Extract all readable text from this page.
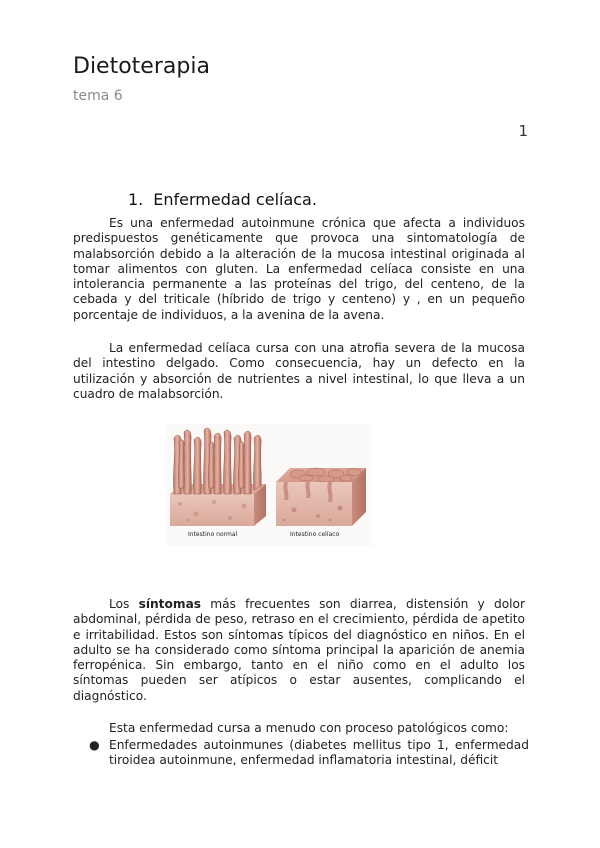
Dietoterapia
tema 6
1
1. Enfermedad celíaca.

Es una enfermedad autoinmune crónica que afecta a individuos predispuestos genéticamente que provoca una sintomatología de malabsorción debido a la alteración de la mucosa intestinal originada al tomar alimentos con gluten. La enfermedad celíaca consiste en una intolerancia permanente a las proteínas del trigo, del centeno, de la cebada y del triticale (híbrido de trigo y centeno) y , en un pequeño porcentaje de individuos, a la avenina de la avena.

La enfermedad celíaca cursa con una atrofia severa de la mucosa del intestino delgado. Como consecuencia, hay un defecto en la utilización y absorción de nutrientes a nivel intestinal, lo que lleva a un cuadro de malabsorción.

Intestino normal	Intestino celíaco

Los síntomas más frecuentes son diarrea, distensión y dolor abdominal, pérdida de peso, retraso en el crecimiento, pérdida de apetito e irritabilidad. Estos son síntomas típicos del diagnóstico en niños. En el adulto se ha considerado como síntoma principal la aparición de anemia ferropénica. Sin embargo, tanto en el niño como en el adulto los síntomas pueden ser atípicos o estar ausentes, complicando el diagnóstico.

Esta enfermedad cursa a menudo con proceso patológicos como:

● Enfermedades autoinmunes (diabetes mellitus tipo 1, enfermedad tiroidea autoinmune, enfermedad inflamatoria intestinal, déficit
